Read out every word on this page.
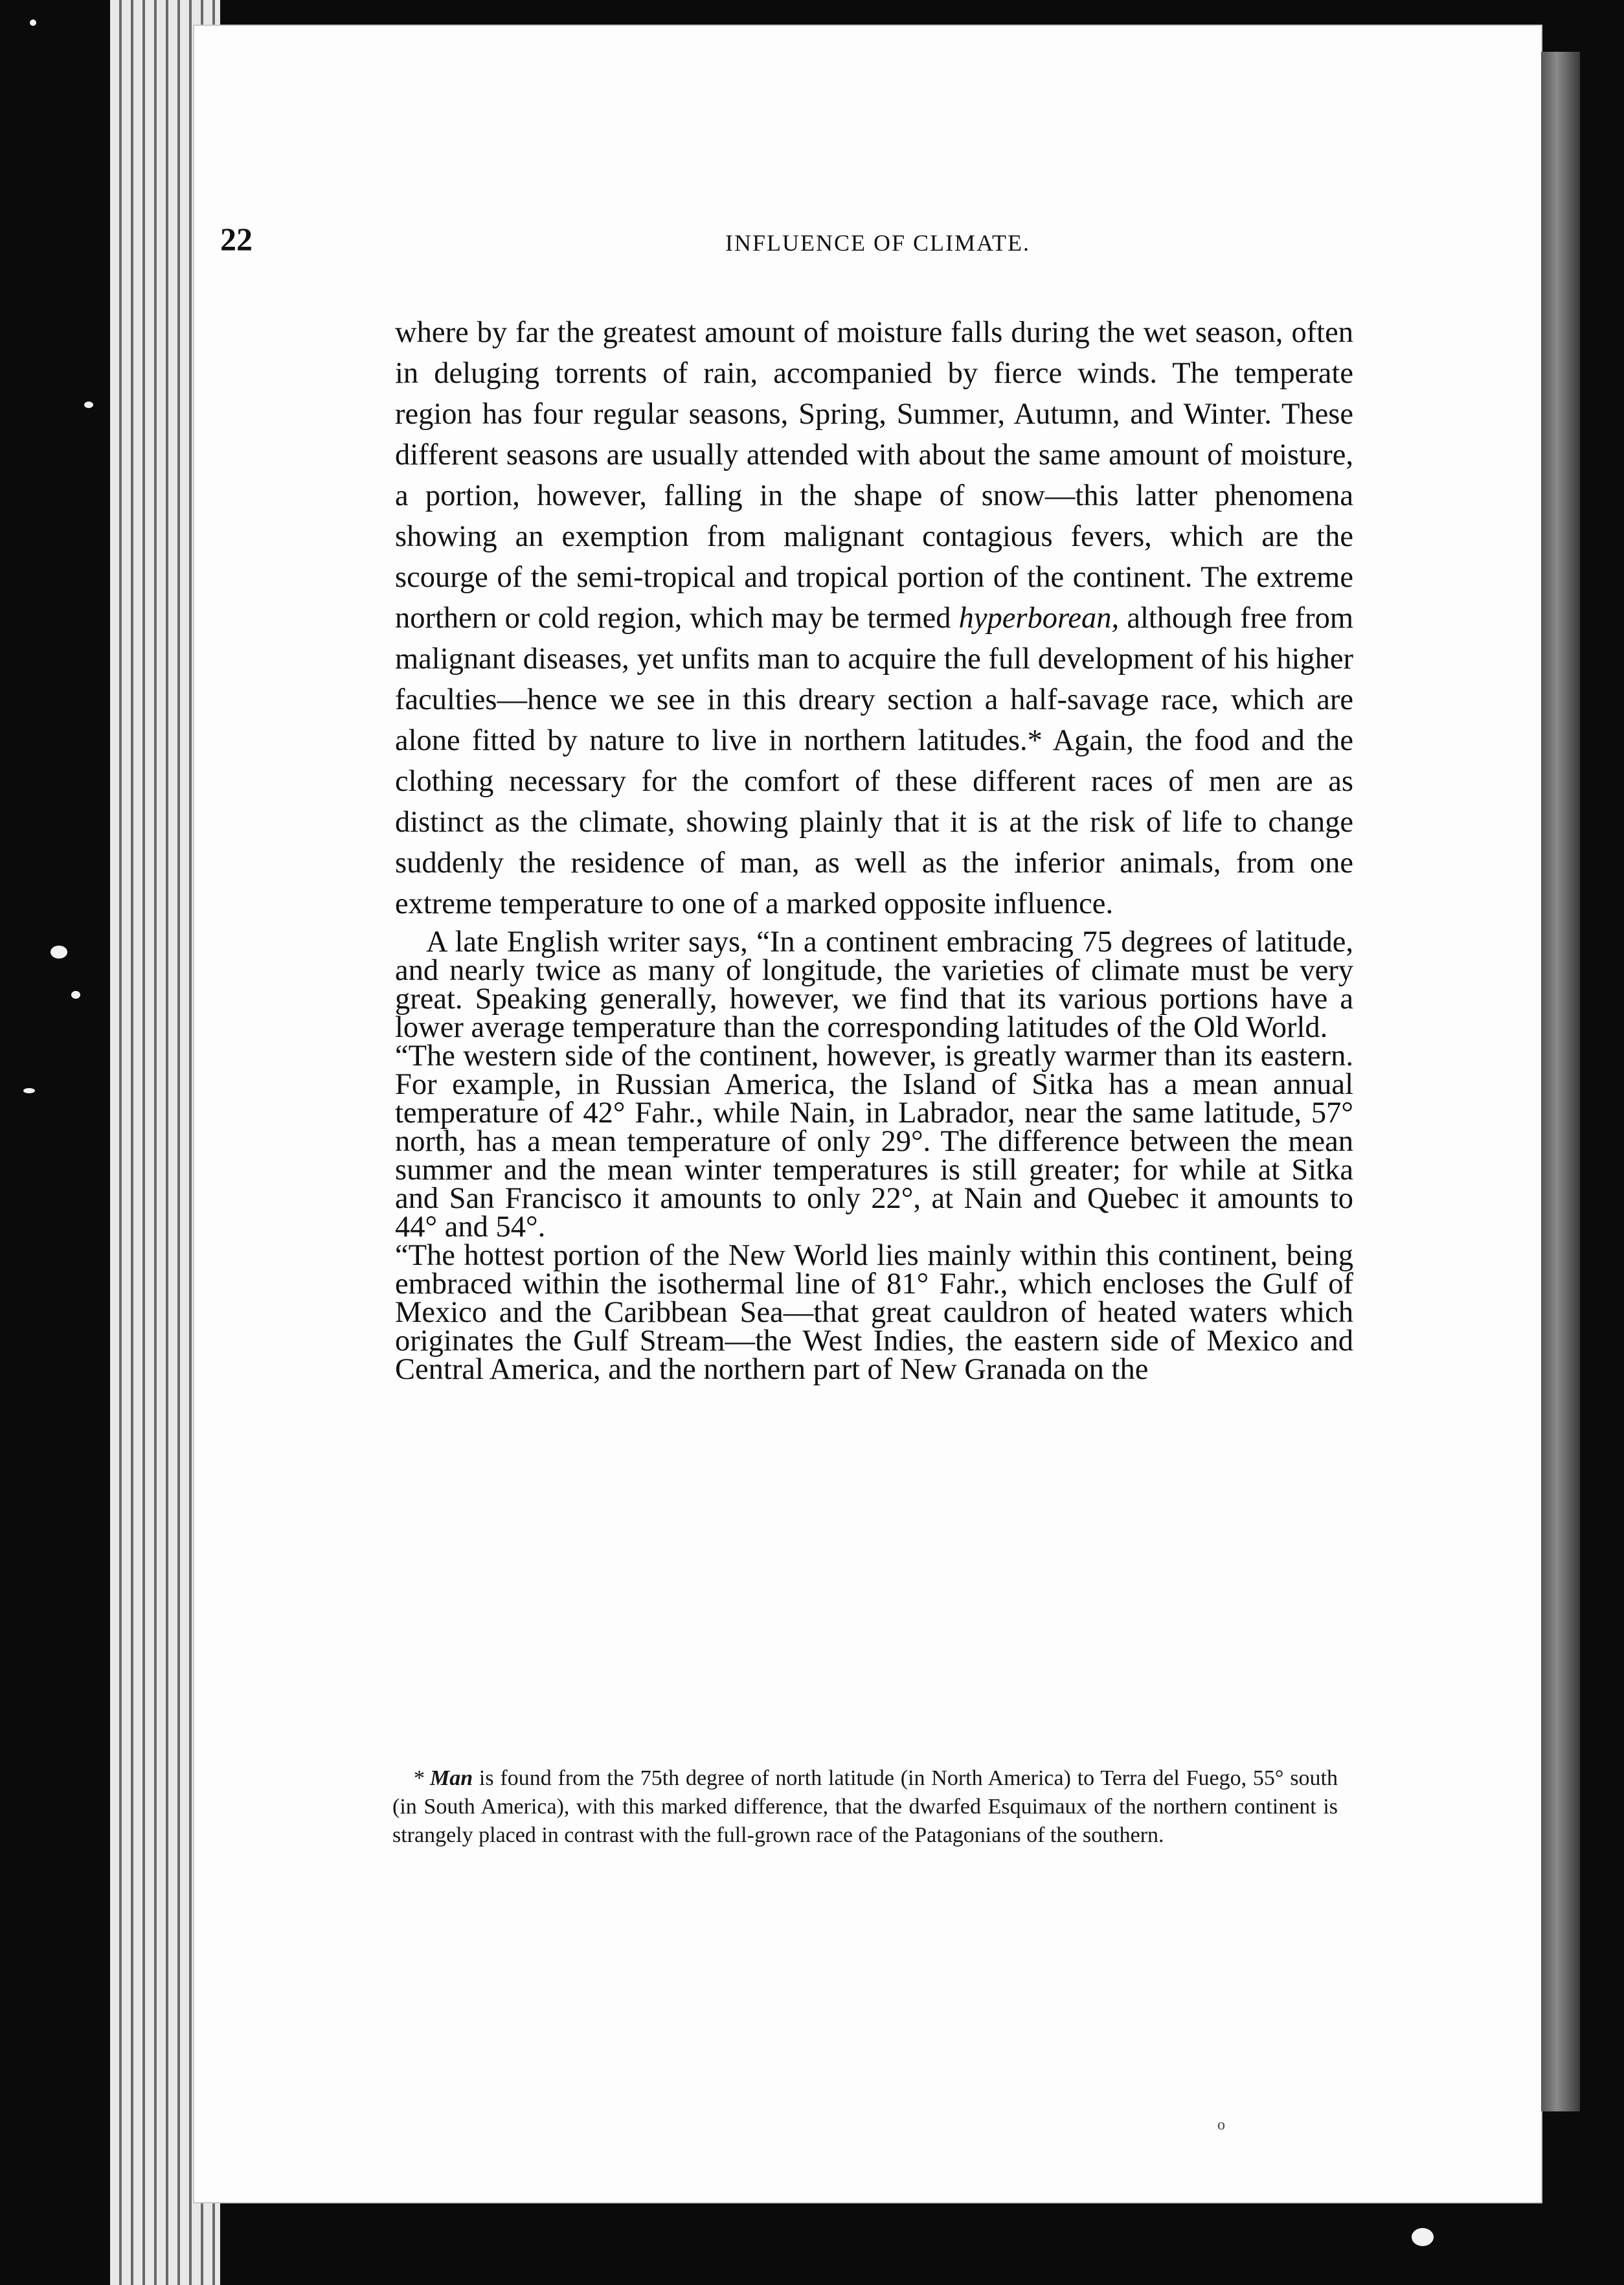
22	INFLUENCE OF CLIMATE.

where by far the greatest amount of moisture falls during the wet season, often in deluging torrents of rain, accompanied by fierce winds. The temperate region has four regular seasons, Spring, Summer, Autumn, and Winter. These different seasons are usually attended with about the same amount of moisture, a portion, however, falling in the shape of snow—this latter phenomena showing an exemption from malignant contagious fevers, which are the scourge of the semi-tropical and tropical portion of the continent. The extreme northern or cold region, which may be termed hyperborean, although free from malignant diseases, yet unfits man to acquire the full development of his higher faculties—hence we see in this dreary section a half-savage race, which are alone fitted by nature to live in northern latitudes.* Again, the food and the clothing necessary for the comfort of these different races of men are as distinct as the climate, showing plainly that it is at the risk of life to change suddenly the residence of man, as well as the inferior animals, from one extreme temperature to one of a marked opposite influence.

A late English writer says, “In a continent embracing 75 degrees of latitude, and nearly twice as many of longitude, the varieties of climate must be very great. Speaking generally, however, we find that its various portions have a lower average temperature than the corresponding latitudes of the Old World.

“The western side of the continent, however, is greatly warmer than its eastern. For example, in Russian America, the Island of Sitka has a mean annual temperature of 42° Fahr., while Nain, in Labrador, near the same latitude, 57° north, has a mean temperature of only 29°. The difference between the mean summer and the mean winter temperatures is still greater; for while at Sitka and San Francisco it amounts to only 22°, at Nain and Quebec it amounts to 44° and 54°.

“The hottest portion of the New World lies mainly within this continent, being embraced within the isothermal line of 81° Fahr., which encloses the Gulf of Mexico and the Caribbean Sea—that great cauldron of heated waters which originates the Gulf Stream—the West Indies, the eastern side of Mexico and Central America, and the northern part of New Granada on the

* Man is found from the 75th degree of north latitude (in North America) to Terra del Fuego, 55° south (in South America), with this marked difference, that the dwarfed Esquimaux of the northern continent is strangely placed in contrast with the full-grown race of the Patagonians of the southern.
o
